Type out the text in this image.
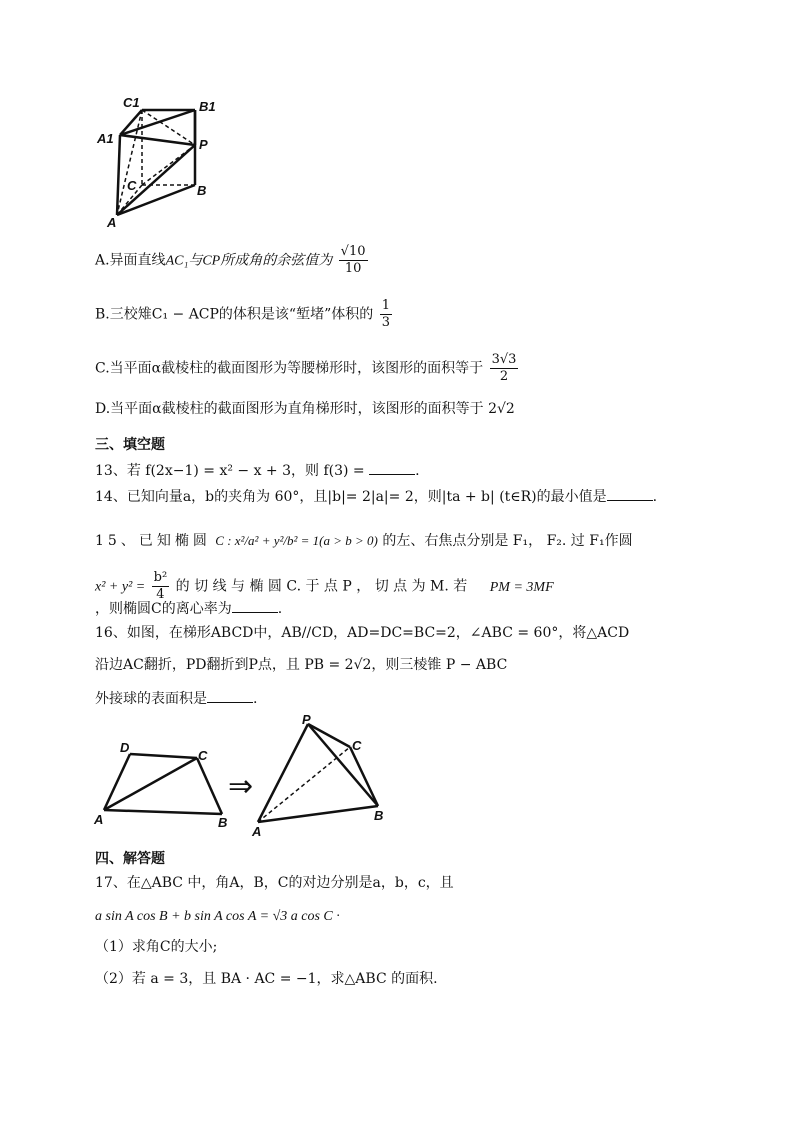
C1	B1
A1	P
C	B
A
A.异面直线AC₁与CP所成角的余弦值为 $\frac{√10}{10}$
B.三校雉C₁ − ACP的体积是该“堑堵”体积的 $\frac{1}{3}$
C.当平面α截棱柱的截面图形为等腰梯形时，该图形的面积等于 $\frac{3√3}{2}$
D.当平面α截棱柱的截面图形为直角梯形时，该图形的面积等于 2√2
三、填空题
13、若 f(2x−1) = x² − x + 3，则 f(3) =	.
14、已知向量a，b的夹角为 60°，且|b|= 2|a|= 2，则|ta + b| (t∈R)的最小值是	.
15、已知椭圆 C : x²/a² + y²/b² = 1(a > b > 0) 的左、右焦点分别是 F₁， F₂. 过 F₁作圆
$x^2 + y^2 = \frac{\text{b²}}{4}$ 的 切 线 与 椭 圆 C. 于 点 P ， 切 点 为 M. 若 PM = 3MF
，则椭圆C的离心率为	.
16、如图，在梯形ABCD中，AB//CD，AD=DC=BC=2，∠ABC = 60°，将△ACD
沿边AC翻折，PD翻折到P点，且 PB = 2√2，则三棱锥 P − ABC
外接球的表面积是	.
D
C
A	B
⇒
P
C
A
B
四、解答题
17、在△ABC 中，角A，B，C的对边分别是a，b，c，且
a sin A cos B + b sin A cos A = √3 a cos C ·
（1）求角C的大小;
（2）若 a = 3，且 BA · AC = −1，求△ABC 的面积.
